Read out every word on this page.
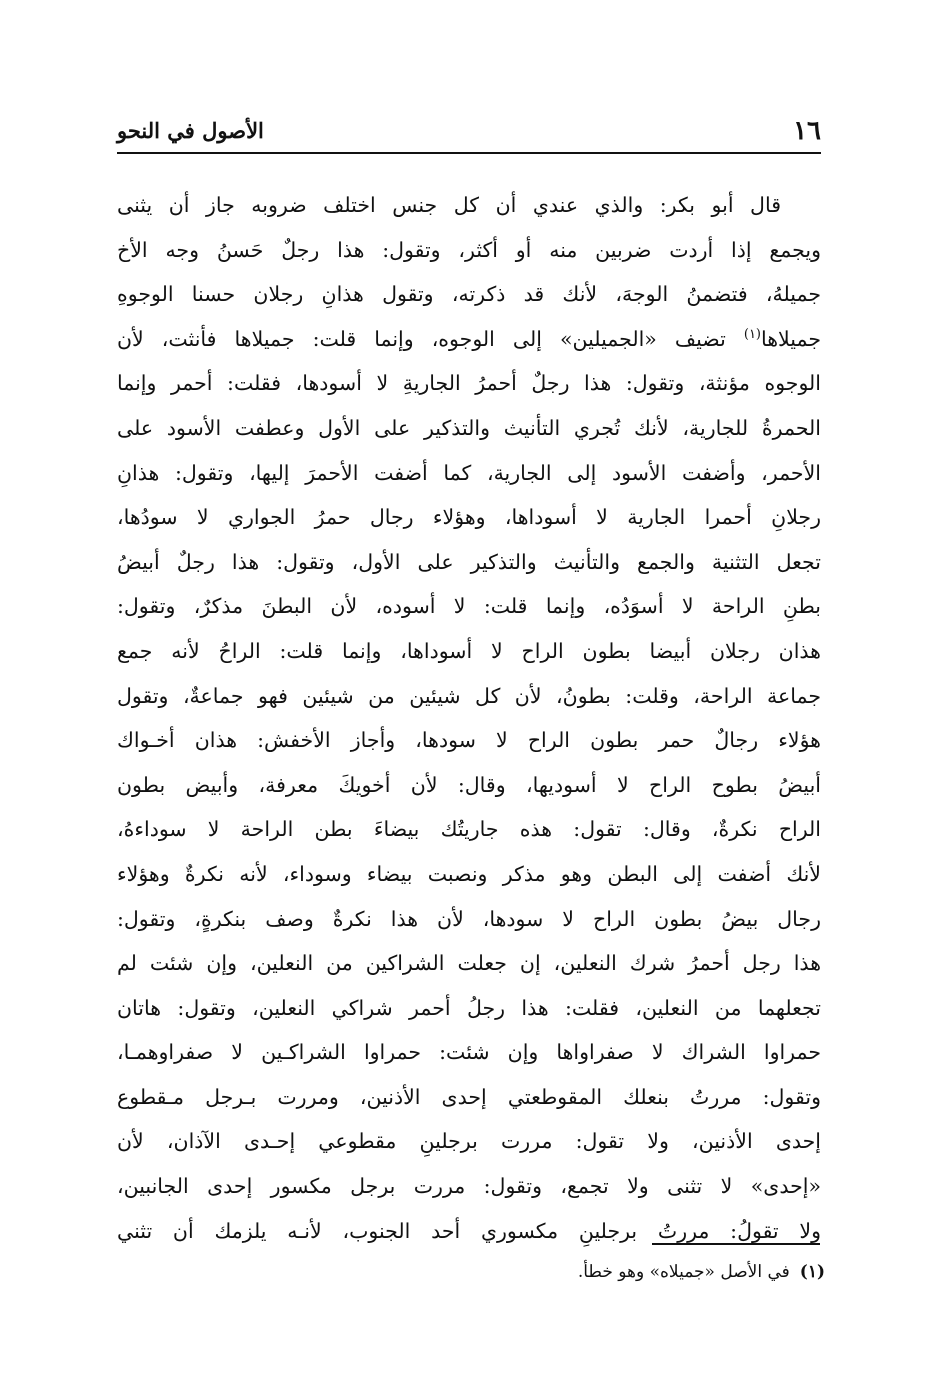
١٦
الأصول في النحو
قال أبو بكر: والذي عندي أن كل جنس اختلف ضروبه جاز أن يثنى
ويجمع إذا أردت ضربين منه أو أكثر، وتقول: هذا رجلٌ حَسنُ وجه الأخ
جميلهُ، فتضمنُ الوجهَ، لأنك قد ذكرته، وتقول هذانِ رجلان حسنا الوجوهِ
جميلاها$^{(١)}$ تضيف «الجميلين» إلى الوجوه، وإنما قلت: جميلاها فأنثت، لأن
الوجوه مؤنثة، وتقول: هذا رجلٌ أحمرُ الجاريةِ لا أسودها، فقلت: أحمر وإنما
الحمرةُ للجارية، لأنك تُجري التأنيث والتذكير على الأول وعطفت الأسود على
الأحمر، وأضفت الأسود إلى الجارية، كما أضفت الأحمرَ إليها، وتقول: هذانِ
رجلانِ أحمرا الجارية لا أسوداها، وهؤلاء رجال حمرُ الجواري لا سودُها،
تجعل التثنية والجمع والتأنيث والتذكير على الأول، وتقول: هذا رجلٌ أبيضُ
بطنِ الراحة لا أسوَدُه، وإنما قلت: لا أسوده، لأن البطنَ مذكرٌ، وتقول:
هذان رجلان أبيضا بطون الراح لا أسوداها، وإنما قلت: الراحُ لأنه جمع
جماعة الراحة، وقلت: بطونُ، لأن كل شيئين من شيئين فهو جماعةٌ، وتقول
هؤلاء رجالٌ حمر بطون الراح لا سودها، وأجاز الأخفش: هذان أخـواك
أبيضُ بطوح الراح لا أسوديها، وقال: لأن أخويكَ معرفة، وأبيض بطون
الراح نكرةٌ، وقال: تقول: هذه جاريتُك بيضاءَ بطن الراحة لا سوداءهُ،
لأنك أضفت إلى البطن وهو مذكر ونصبت بيضاء وسوداء، لأنه نكرةٌ وهؤلاء
رجال بيضُ بطون الراح لا سودها، لأن هذا نكرةٌ وصف بنكرةٍ، وتقول:
هذا رجل أحمرُ شرك النعلين، إن جعلت الشراكين من النعلين، وإن شئت لم
تجعلهما من النعلين، فقلت: هذا رجلُ أحمر شراكي النعلين، وتقول: هاتان
حمراوا الشراك لا صفراواها وإن شئت: حمراوا الشراكـين لا صفراوهمـا،
وتقول: مررتُ بنعلك المقوطعتي إحدى الأذنين، ومررت بـرجل مـقطوع
إحدى الأذنين، ولا تقول: مررت برجلينِ مقطوعي إحـدى الآذان، لأن
«إحدى» لا تثنى ولا تجمع، وتقول: مررت برجل مكسور إحدى الجانبين،
ولا تقولُ: مررتُ برجلينِ مكسوري أحد الجنوب، لأنـه يلزمك أن تثني
(١)في الأصل «جميلاه» وهو خطأ.
